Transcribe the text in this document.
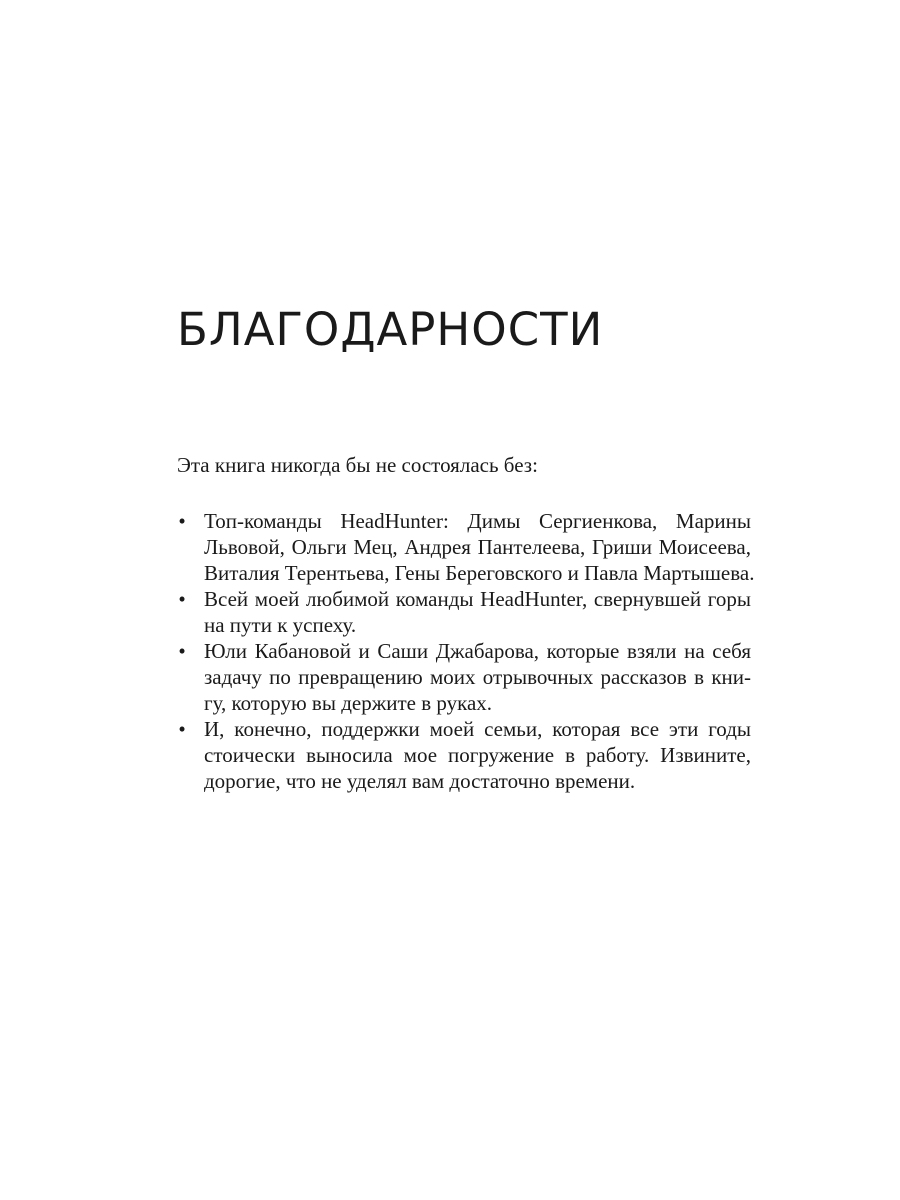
БЛАГОДАРНОСТИ

Эта книга никогда бы не состоялась без:

• Топ-команды HeadHunter: Димы Сергиенкова, Марины
Львовой, Ольги Мец, Андрея Пантелеева, Гриши Моисеева,
Виталия Терентьева, Гены Береговского и Павла Мартышева.
• Всей моей любимой команды HeadHunter, свернувшей горы
на пути к успеху.
• Юли Кабановой и Саши Джабарова, которые взяли на себя
задачу по превращению моих отрывочных рассказов в кни-
гу, которую вы держите в руках.
• И, конечно, поддержки моей семьи, которая все эти годы
стоически выносила мое погружение в работу. Извините,
дорогие, что не уделял вам достаточно времени.
